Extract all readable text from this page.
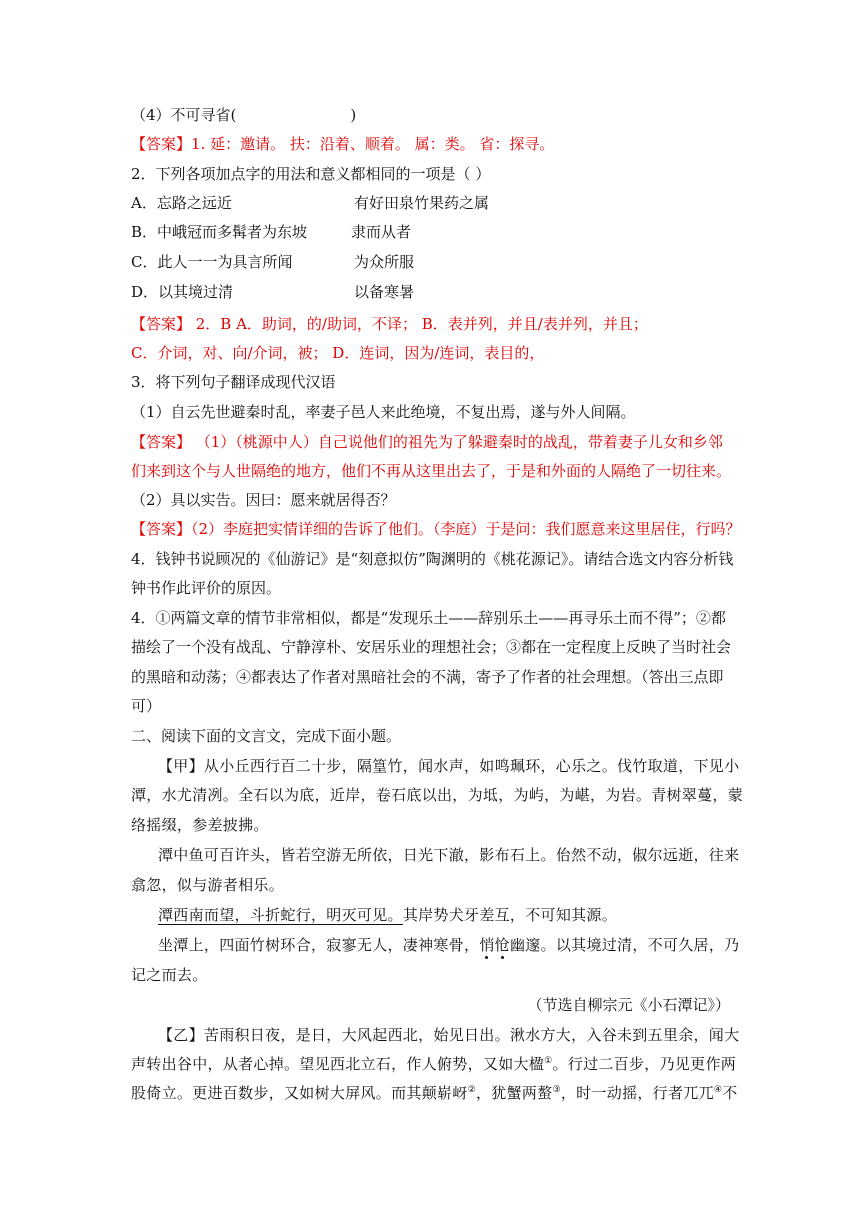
（4）不可寻省(	)
【答案】1. 延：邀请。 扶：沿着、顺着。 属：类。 省：探寻。
2．下列各项加点字的用法和意义都相同的一项是（ ）
A．忘路之远近	有好田泉竹果药之属
B．中峨冠而多髯者为东坡	隶而从者
C．此人一一为具言所闻	为众所服
D．以其境过清	以备寒暑
【答案】 2．B A．助词，的/助词，不译； B．表并列，并且/表并列，并且；
C．介词，对、向/介词，被； D．连词，因为/连词，表目的，
3．将下列句子翻译成现代汉语
（1）自云先世避秦时乱，率妻子邑人来此绝境，不复出焉，遂与外人间隔。
【答案】 （1）（桃源中人）自己说他们的祖先为了躲避秦时的战乱，带着妻子儿女和乡邻
们来到这个与人世隔绝的地方，他们不再从这里出去了，于是和外面的人隔绝了一切往来。
（2）具以实告。因曰：愿来就居得否？
【答案】（2）李庭把实情详细的告诉了他们。（李庭）于是问：我们愿意来这里居住，行吗？
4．钱钟书说顾况的《仙游记》是“刻意拟仿”陶渊明的《桃花源记》。请结合选文内容分析钱
钟书作此评价的原因。
4．①两篇文章的情节非常相似，都是“发现乐土——辞别乐土——再寻乐土而不得”；②都
描绘了一个没有战乱、宁静淳朴、安居乐业的理想社会；③都在一定程度上反映了当时社会
的黑暗和动荡；④都表达了作者对黑暗社会的不满，寄予了作者的社会理想。（答出三点即
可）
二、阅读下面的文言文，完成下面小题。
【甲】从小丘西行百二十步，隔篁竹，闻水声，如鸣珮环，心乐之。伐竹取道，下见小
潭，水尤清冽。全石以为底，近岸，卷石底以出，为坻，为屿，为嵁，为岩。青树翠蔓，蒙
络摇缀，参差披拂。
潭中鱼可百许头，皆若空游无所依，日光下澈，影布石上。佁然不动，俶尔远逝，往来
翕忽，似与游者相乐。
潭西南而望，斗折蛇行，明灭可见。其岸势犬牙差互，不可知其源。
坐潭上，四面竹树环合，寂寥无人，凄神寒骨，悄怆幽邃。以其境过清，不可久居，乃
记之而去。
（节选自柳宗元《小石潭记》）
【乙】苦雨积日夜，是日，大风起西北，始见日出。湫水方大，入谷未到五里余，闻大
声转出谷中，从者心掉。望见西北立石，作人俯势，又如大楹①。行过二百步，乃见更作两
股倚立。更进百数步，又如树大屏风。而其颠崭岈②，犹蟹两螯③，时一动摇，行者兀兀④不
